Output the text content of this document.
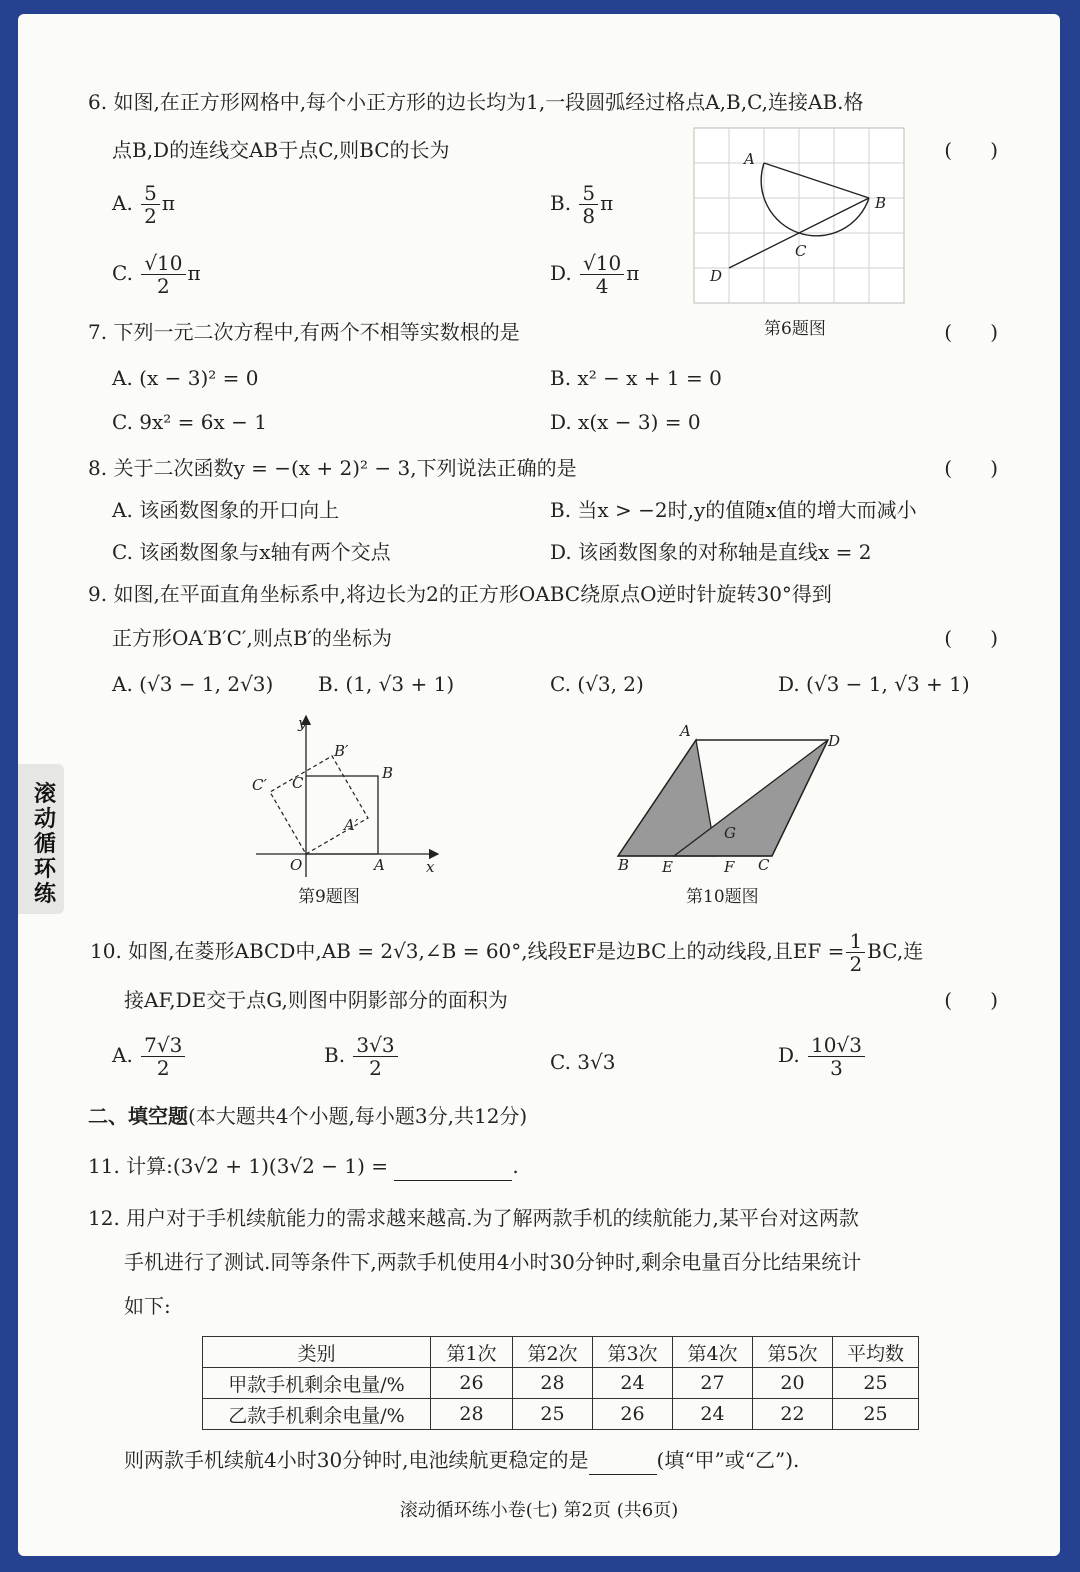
滚
动
循
环
练
6. 如图,在正方形网格中,每个小正方形的边长均为1,一段圆弧经过格点A,B,C,连接AB.格
点B,D的连线交AB于点C,则BC的长为	(      )
A. $\frac{5}{2}$ π	B. $\frac{5}{8}$ π
C. $\frac{√10}{2}$ π	D. $\frac{√10}{4}$ π
A
B
C
D
第6题图
7. 下列一元二次方程中,有两个不相等实数根的是	(      )
A. (x − 3)² = 0	B. x² − x + 1 = 0
C. 9x² = 6x − 1	D. x(x − 3) = 0
8. 关于二次函数y = −(x + 2)² − 3,下列说法正确的是	(      )
A. 该函数图象的开口向上	B. 当x > −2时,y的值随x值的增大而减小
C. 该函数图象与x轴有两个交点	D. 该函数图象的对称轴是直线x = 2
9. 如图,在平面直角坐标系中,将边长为2的正方形OABC绕原点O逆时针旋转30°得到
正方形OA′B′C′,则点B′的坐标为	(      )
A. (√3 − 1, 2√3) B. (1, √3 + 1)	C. (√3, 2)	D. (√3 − 1, √3 + 1)
y
x
O	A
B
C
A′
B′
C′
第9题图
A
D
B E	F C
G
第10题图
10. 如图,在菱形ABCD中,AB = 2√3,∠B = 60°,线段EF是边BC上的动线段,且EF = $\frac{1}{2}$ BC,连
接AF,DE交于点G,则图中阴影部分的面积为	(      )
A. $\frac{7√3}{2}$	B. $\frac{3√3}{2}$	C. 3√3	D. $\frac{10√3}{3}$
二、填空题(本大题共4个小题,每小题3分,共12分)
11. 计算:(3√2 + 1)(3√2 − 1) =	.
12. 用户对于手机续航能力的需求越来越高.为了解两款手机的续航能力,某平台对这两款
手机进行了测试.同等条件下,两款手机使用4小时30分钟时,剩余电量百分比结果统计
如下:
类别	第1次	第2次	第3次	第4次	第5次	平均数
甲款手机剩余电量/%	26	28	24	27	20	25
乙款手机剩余电量/%	28	25	26	24	22	25
则两款手机续航4小时30分钟时,电池续航更稳定的是	(填“甲”或“乙”).
滚动循环练小卷(七) 第2页 (共6页)
